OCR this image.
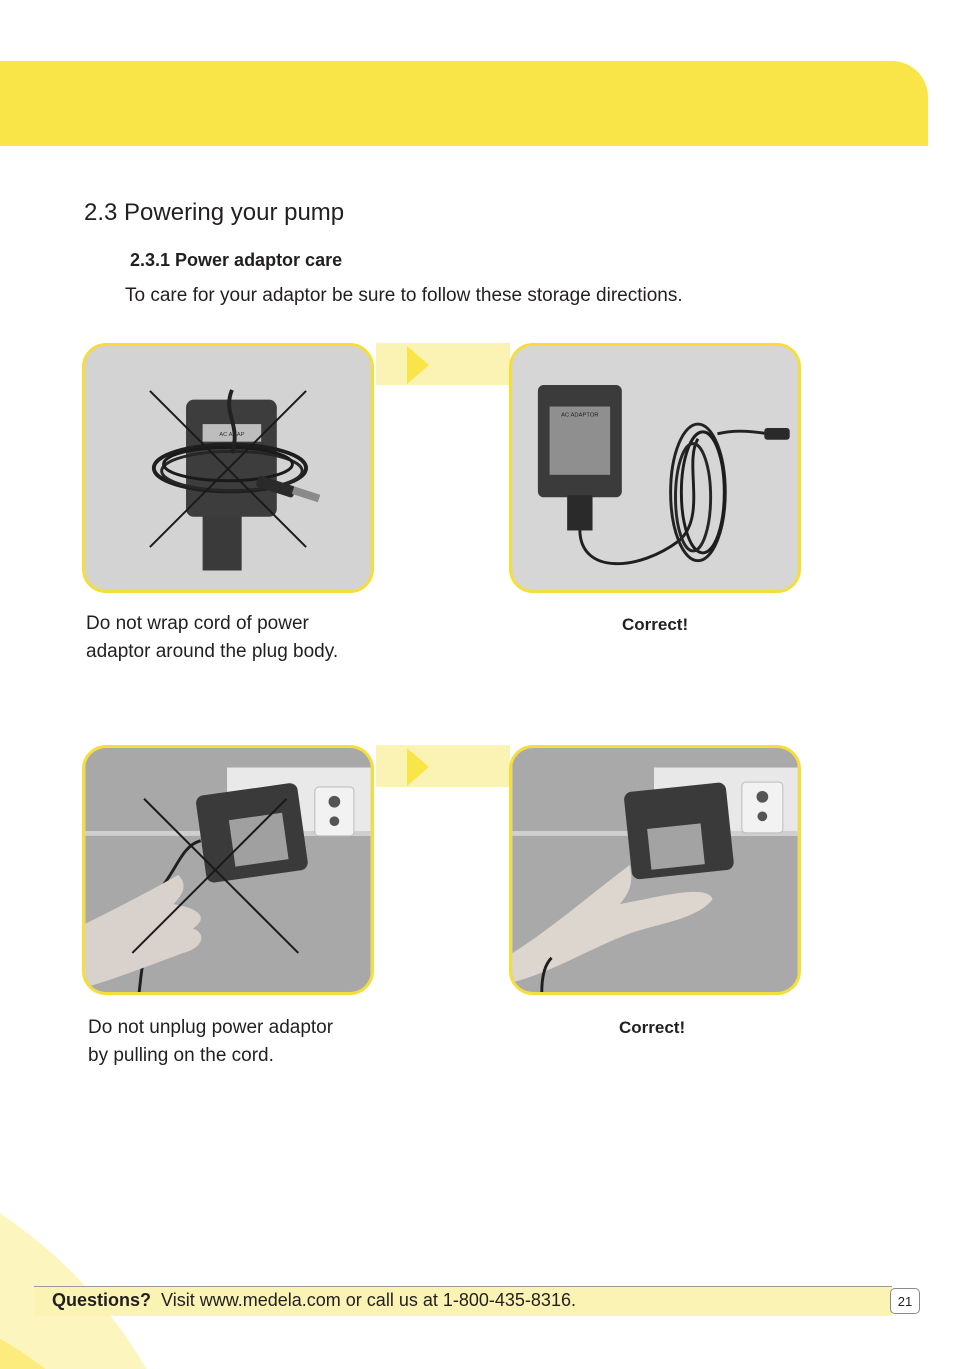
2.3 Powering your pump
2.3.1 Power adaptor care

To care for your adaptor be sure to follow these storage directions.

AC ADAP
AC ADAPTOR

Do not wrap cord of power
adaptor around the plug body.

Correct!

Do not unplug power adaptor
by pulling on the cord.

Correct!

Questions? Visit www.medela.com or call us at 1-800-435-8316.	21
